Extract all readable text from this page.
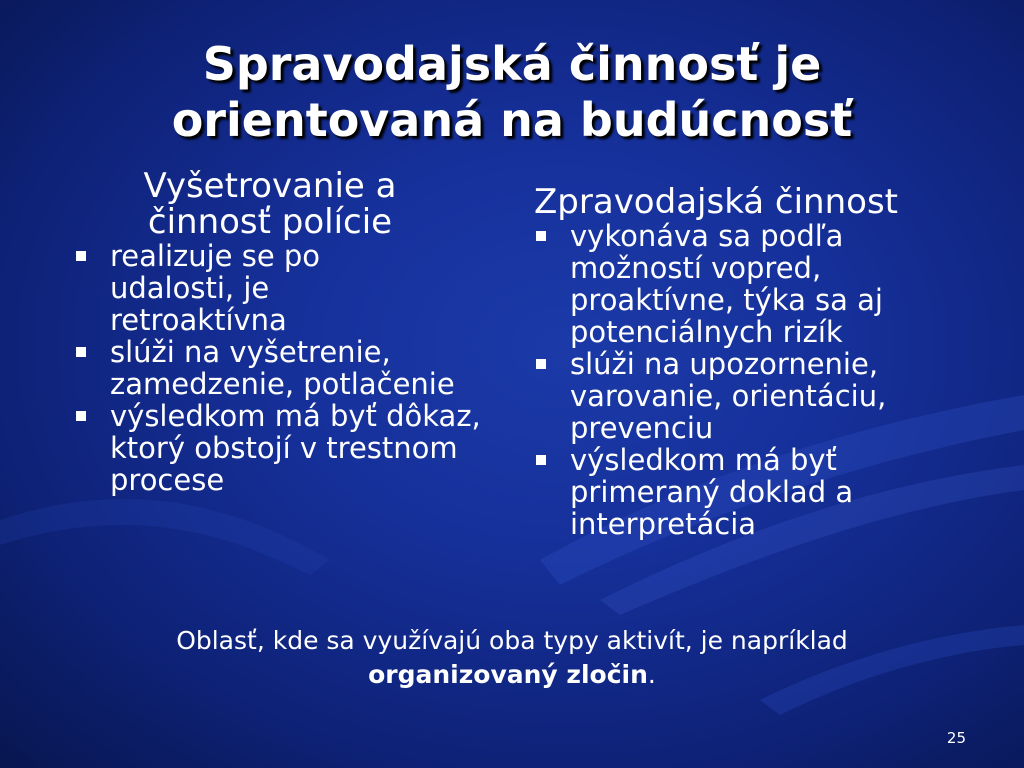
Spravodajská činnosť je
orientovaná na budúcnosť
Vyšetrovanie a
činnosť polície
realizuje se po udalosti, je retroaktívna
slúži na vyšetrenie, zamedzenie, potlačenie
výsledkom má byť dôkaz, ktorý obstojí v trestnom procese
Zpravodajská činnost
vykonáva sa podľa možností vopred, proaktívne, týka sa aj potenciálnych rizík
slúži na upozornenie, varovanie, orientáciu, prevenciu
výsledkom má byť primeraný doklad a interpretácia
Oblasť, kde sa využívajú oba typy aktivít, je napríklad
organizovaný zločin.
25
